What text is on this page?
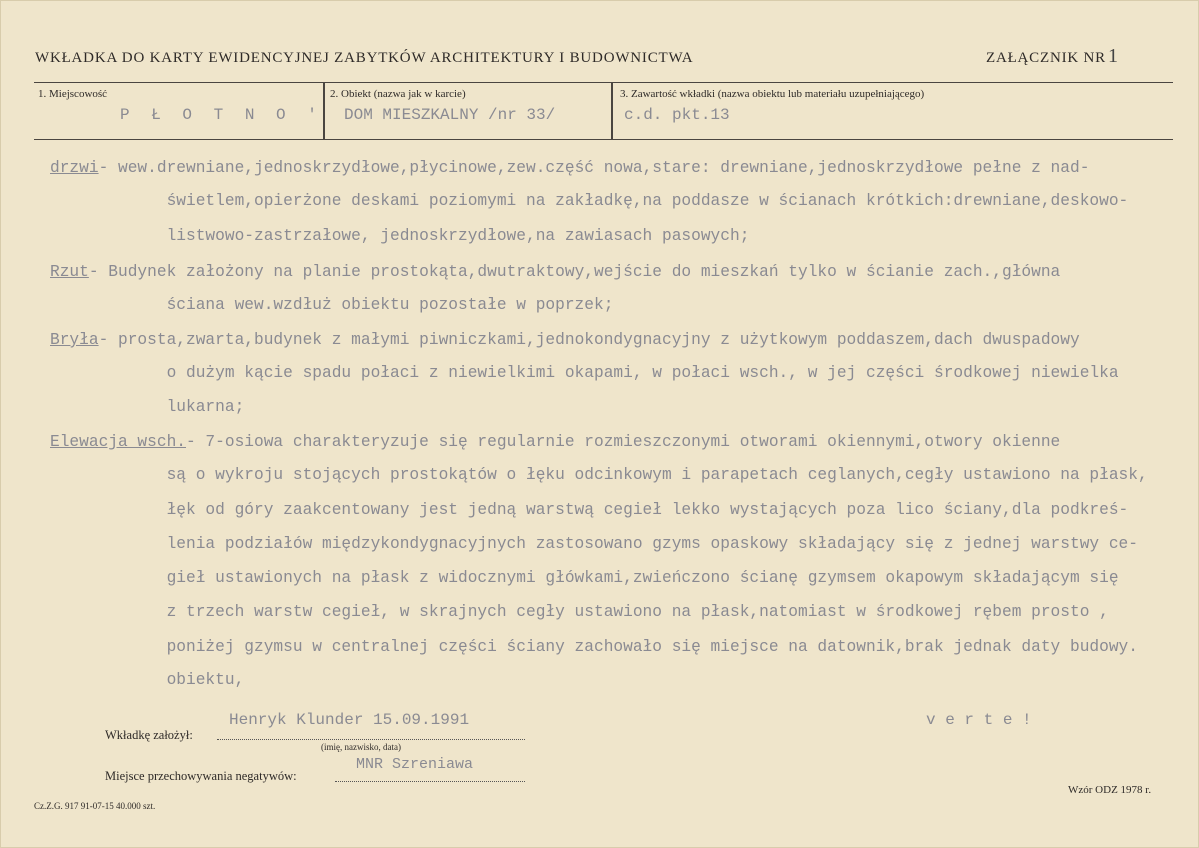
WKŁADKA DO KARTY EWIDENCYJNEJ ZABYTKÓW ARCHITEKTURY I BUDOWNICTWA	ZAŁĄCZNIK NR 1
1. Miejscowość
P Ł O T N O '
2. Obiekt (nazwa jak w karcie)
DOM MIESZKALNY /nr 33/
3. Zawartość wkładki (nazwa obiektu lub materiału uzupełniającego)
c.d. pkt.13
drzwi- wew.drewniane,jednoskrzydłowe,płycinowe,zew.część nowa,stare: drewniane,jednoskrzydłowe pełne z nad-
świetlem,opierżone deskami poziomymi na zakładkę,na poddasze w ścianach krótkich:drewniane,deskowo-
listwowo-zastrzałowe, jednoskrzydłowe,na zawiasach pasowych;
Rzut- Budynek założony na planie prostokąta,dwutraktowy,wejście do mieszkań tylko w ścianie zach.,główna
ściana wew.wzdłuż obiektu pozostałe w poprzek;
Bryła- prosta,zwarta,budynek z małymi piwniczkami,jednokondygnacyjny z użytkowym poddaszem,dach dwuspadowy
o dużym kącie spadu połaci z niewielkimi okapami, w połaci wsch., w jej części środkowej niewielka
lukarna;
Elewacja wsch.- 7-osiowa charakteryzuje się regularnie rozmieszczonymi otworami okiennymi,otwory okienne
są o wykroju stojących prostokątów o łęku odcinkowym i parapetach ceglanych,cegły ustawiono na płask,
łęk od góry zaakcentowany jest jedną warstwą cegieł lekko wystających poza lico ściany,dla podkreś-
lenia podziałów międzykondygnacyjnych zastosowano gzyms opaskowy składający się z jednej warstwy ce-
gieł ustawionych na płask z widocznymi główkami,zwieńczono ścianę gzymsem okapowym składającym się
z trzech warstw cegieł, w skrajnych cegły ustawiono na płask,natomiast w środkowej rębem prosto ,
poniżej gzymsu w centralnej części ściany zachowało się miejsce na datownik,brak jednak daty budowy.
obiektu,
Wkładkę założył:
Henryk Klunder 15.09.1991
(imię, nazwisko, data)
v e r t e !
Miejsce przechowywania negatywów:
MNR Szreniawa
Cz.Z.G. 917 91-07-15 40.000 szt.
Wzór ODZ 1978 r.
